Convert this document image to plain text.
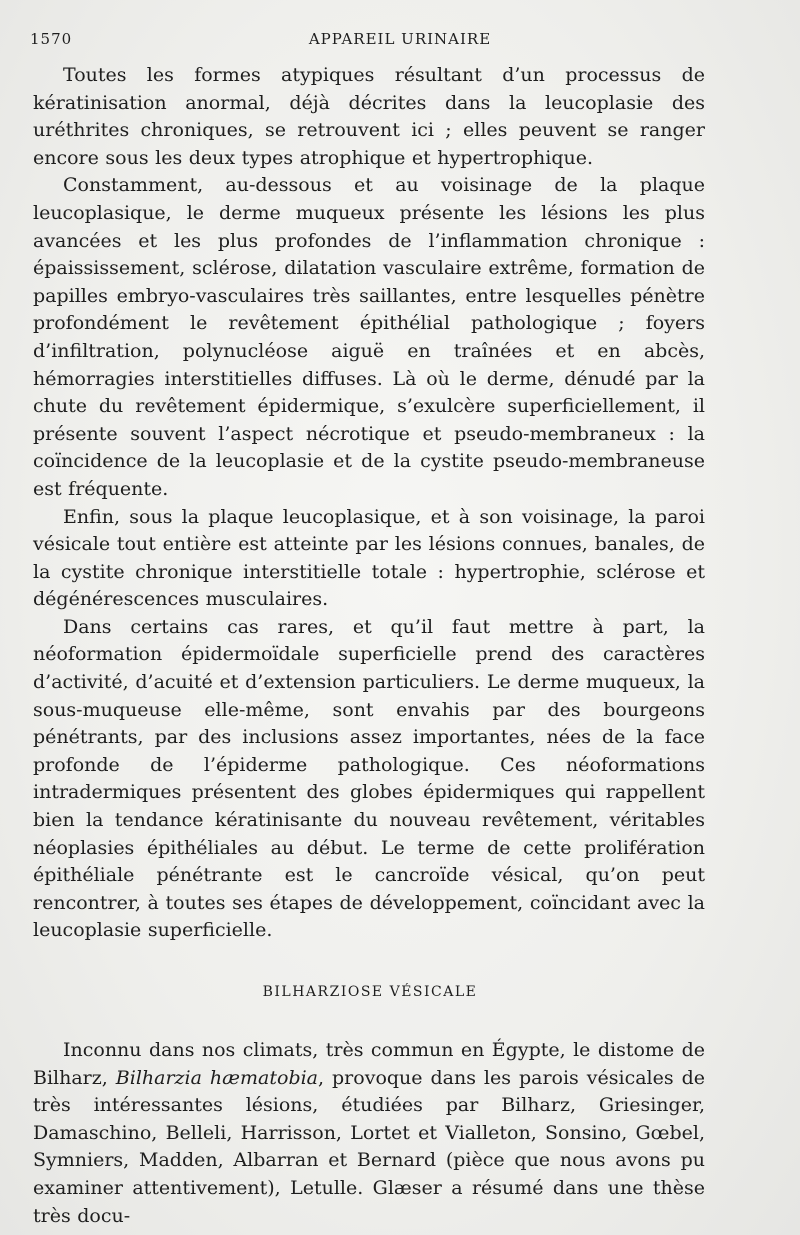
1570	APPAREIL URINAIRE

Toutes les formes atypiques résultant d’un processus de kératinisation anormal, déjà décrites dans la leucoplasie des uréthrites chroniques, se retrouvent ici ; elles peuvent se ranger encore sous les deux types atrophique et hypertrophique.

Constamment, au-dessous et au voisinage de la plaque leucoplasique, le derme muqueux présente les lésions les plus avancées et les plus profondes de l’inflammation chronique : épaississement, sclérose, dilatation vasculaire extrême, formation de papilles embryo-vasculaires très saillantes, entre lesquelles pénètre profondément le revêtement épithélial pathologique ; foyers d’infiltration, polynucléose aiguë en traînées et en abcès, hémorragies interstitielles diffuses. Là où le derme, dénudé par la chute du revêtement épidermique, s’exulcère superficiellement, il présente souvent l’aspect nécrotique et pseudo-membraneux : la coïncidence de la leucoplasie et de la cystite pseudo-membraneuse est fréquente.

Enfin, sous la plaque leucoplasique, et à son voisinage, la paroi vésicale tout entière est atteinte par les lésions connues, banales, de la cystite chronique interstitielle totale : hypertrophie, sclérose et dégénérescences musculaires.

Dans certains cas rares, et qu’il faut mettre à part, la néoformation épidermoïdale superficielle prend des caractères d’activité, d’acuité et d’extension particuliers. Le derme muqueux, la sous-muqueuse elle-même, sont envahis par des bourgeons pénétrants, par des inclusions assez importantes, nées de la face profonde de l’épiderme pathologique. Ces néoformations intradermiques présentent des globes épidermiques qui rappellent bien la tendance kératinisante du nouveau revêtement, véritables néoplasies épithéliales au début. Le terme de cette prolifération épithéliale pénétrante est le cancroïde vésical, qu’on peut rencontrer, à toutes ses étapes de développement, coïncidant avec la leucoplasie superficielle.

BILHARZIOSE VÉSICALE

Inconnu dans nos climats, très commun en Égypte, le distome de Bilharz, Bilharzia hæmatobia, provoque dans les parois vésicales de très intéressantes lésions, étudiées par Bilharz, Griesinger, Damaschino, Belleli, Harrisson, Lortet et Vialleton, Sonsino, Gœbel, Symniers, Madden, Albarran et Bernard (pièce que nous avons pu examiner attentivement), Letulle. Glæser a résumé dans une thèse très docu-
